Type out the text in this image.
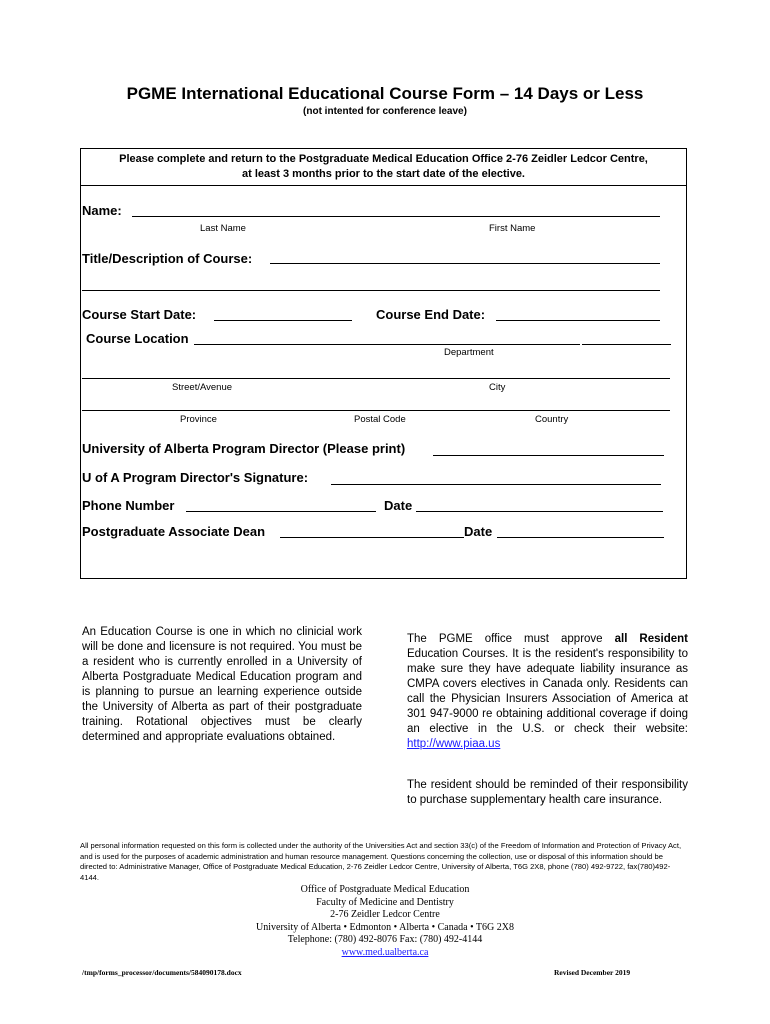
PGME International Educational Course Form – 14 Days or Less
(not intented for conference leave)
Please complete and return to the Postgraduate Medical Education Office 2-76 Zeidler Ledcor Centre,
at least 3 months prior to the start date of the elective.
Name:
Last Name	First Name
Title/Description of Course:
Course Start Date:	Course End Date:
Course Location
Department
Street/Avenue	City
Province	Postal Code	Country
University of Alberta Program Director (Please print)
U of A Program Director's Signature:
Phone Number	Date
Postgraduate Associate Dean	Date
An Education Course is one in which no clinicial work will be done and licensure is not required. You must be a resident who is currently enrolled in a University of Alberta Postgraduate Medical Education program and is planning to pursue an learning experience outside the University of Alberta as part of their postgraduate training. Rotational objectives must be clearly determined and appropriate evaluations obtained.
The PGME office must approve all Resident Education Courses. It is the resident's responsibility to make sure they have adequate liability insurance as CMPA covers electives in Canada only. Residents can call the Physician Insurers Association of America at 301 947-9000 re obtaining additional coverage if doing an elective in the U.S. or check their website: http://www.piaa.us
The resident should be reminded of their responsibility to purchase supplementary health care insurance.
All personal information requested on this form is collected under the authority of the Universities Act and section 33(c) of the Freedom of Information and Protection of Privacy Act, and is used for the purposes of academic administration and human resource management. Questions concerning the collection, use or disposal of this information should be directed to: Administrative Manager, Office of Postgraduate Medical Education, 2-76 Zeidler Ledcor Centre, University of Alberta, T6G 2X8, phone (780) 492-9722, fax(780)492-4144.
Office of Postgraduate Medical Education
Faculty of Medicine and Dentistry
2-76 Zeidler Ledcor Centre
University of Alberta • Edmonton • Alberta • Canada • T6G 2X8
Telephone: (780) 492-8076 Fax: (780) 492-4144
www.med.ualberta.ca
/tmp/forms_processor/documents/584090178.docx	Revised December 2019
